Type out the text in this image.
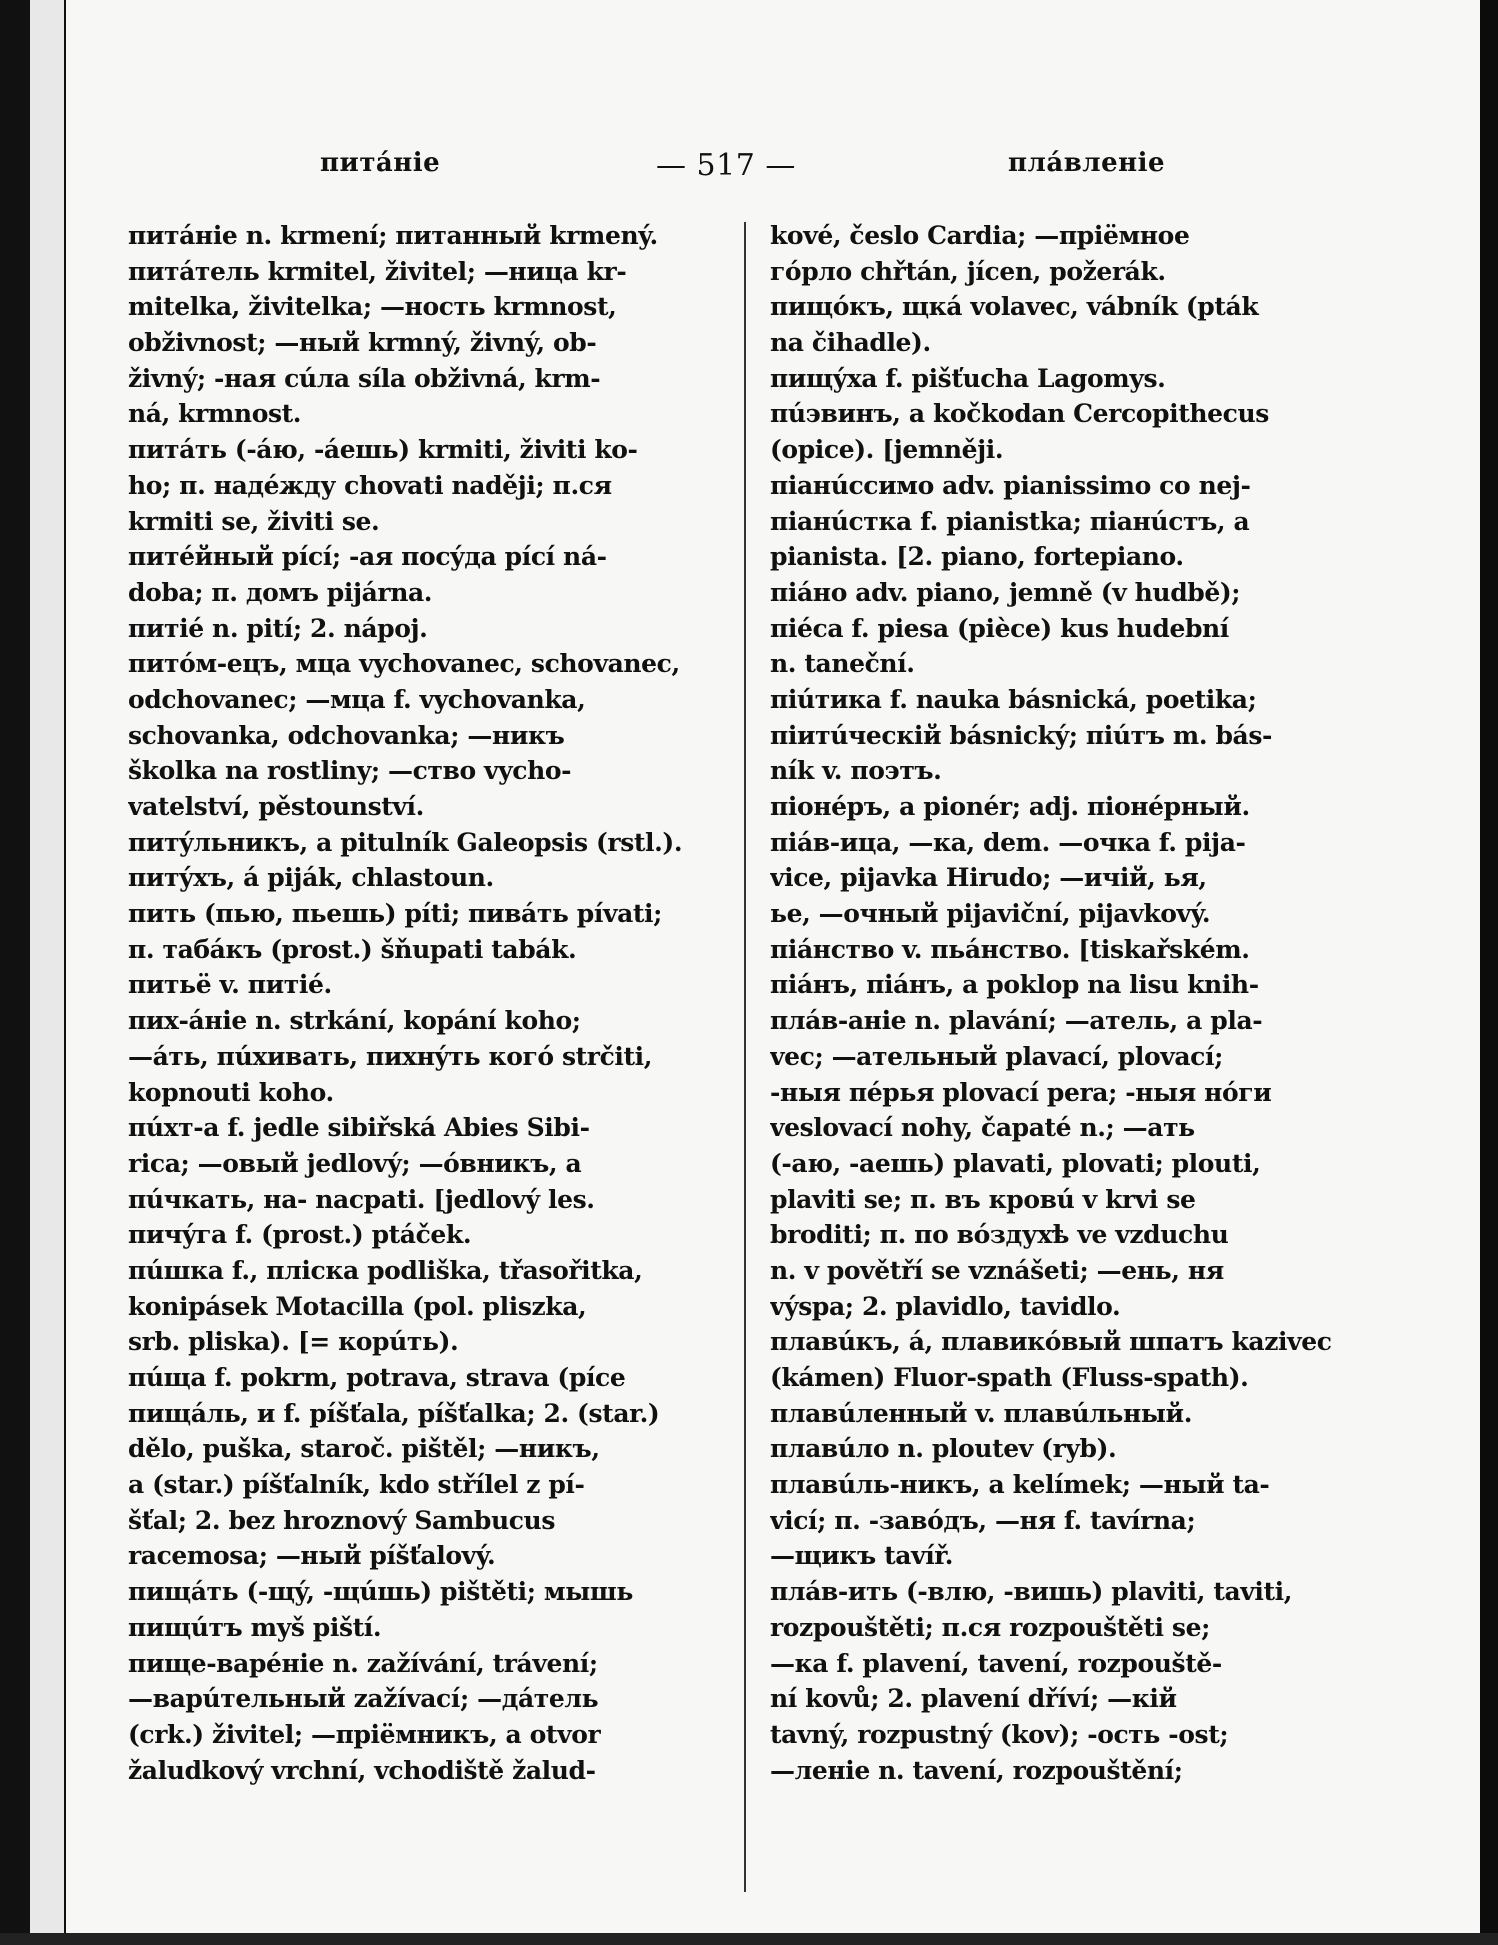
питáніе	— 517 —	плáвленіе
питáніе n. krmení; питанный krmený.
питáтель krmitel, živitel; —ница kr-
mitelka, živitelka; —ность krmnost,
obživnost; —ный krmný, živný, ob-
živný; -ная сúла síla obživná, krm-
ná, krmnost.
питáть (-áю, -áешь) krmiti, živiti ko-
ho; п. надéжду chovati naději; п.ся
krmiti se, živiti se.
питéйный pící; -ая посýда pící ná-
doba; п. домъ pijárna.
питіé n. pití; 2. nápoj.
питóм-ецъ, мца vychovanec, schovanec,
odchovanec; —мца f. vychovanka,
schovanka, odchovanka; —никъ
školka na rostliny; —ство vycho-
vatelství, pěstounství.
питýльникъ, a pitulník Galeopsis (rstl.).
питýхъ, á piják, chlastoun.
пить (пью, пьешь) píti; пивáть pívati;
п. табáкъ (prost.) šňupati tabák.
питьё v. питіé.
пих-áніе n. strkání, kopání koho;
—áть, пúхивать, пихнýть когó strčiti,
kopnouti koho.
пúхт-а f. jedle sibiřská Abies Sibi-
rica; —овый jedlový; —óвникъ, a
пúчкать, на- nacpati. [jedlový les.
пичýга f. (prost.) ptáček.
пúшка f., пліска podliška, třasořitka,
konipásek Motacilla (pol. pliszka,
srb. pliska). [= корúть).
пúща f. pokrm, potrava, strava (píce
пищáль, и f. píšťala, píšťalka; 2. (star.)
dělo, puška, staroč. pištěl; —никъ,
a (star.) píšťalník, kdo střílel z pí-
šťal; 2. bez hroznový Sambucus
racemosa; —ный píšťalový.
пищáть (-щý, -щúшь) pištěti; мышь
пищúтъ myš piští.
пище-варéніе n. zažívání, trávení;
—варúтельный zažívací; —дáтель
(crk.) živitel; —пріёмникъ, a otvor
žaludkový vrchní, vchodiště žalud-
kové, česlo Cardia; —пріёмное
гóрло chřtán, jícen, požerák.
пищóкъ, щкá volavec, vábník (pták
na čihadle).
пищýха f. pišťucha Lagomys.
пúэвинъ, a kočkodan Cercopithecus
(opice). [jemněji.
піанúссимо adv. pianissimo co nej-
піанúстка f. pianistka; піанúстъ, a
pianista. [2. piano, fortepiano.
піáно adv. piano, jemně (v hudbě);
піéса f. piesa (pièce) kus hudební
n. taneční.
піúтика f. nauka básnická, poetika;
піитúческій básnický; піúтъ m. bás-
ník v. поэтъ.
піонéръ, a pionér; adj. піонéрный.
піáв-ица, —ка, dem. —очка f. pija-
vice, pijavka Hirudo; —ичій, ья,
ье, —очный pijaviční, pijavkový.
піáнство v. пьáнство. [tiskařském.
піáнъ, піáнъ, a poklop na lisu knih-
плáв-аніе n. plavání; —атель, a pla-
vec; —ательный plavací, plovací;
-ныя пéрья plovací pera; -ныя нóги
veslovací nohy, čapaté n.; —ать
(-аю, -аешь) plavati, plovati; plouti,
plaviti se; п. въ кровú v krvi se
broditi; п. по вóздухѣ ve vzduchu
n. v povětří se vznášeti; —ень, ня
výspa; 2. plavidlo, tavidlo.
плавúкъ, á, плавикóвый шпатъ kazivec
(kámen) Fluor-spath (Fluss-spath).
плавúленный v. плавúльный.
плавúло n. ploutev (ryb).
плавúль-никъ, a kelímek; —ный ta-
vicí; п. -завóдъ, —ня f. tavírna;
—щикъ tavíř.
плáв-ить (-влю, -вишь) plaviti, taviti,
rozpouštěti; п.ся rozpouštěti se;
—ка f. plavení, tavení, rozpouště-
ní kovů; 2. plavení dříví; —кій
tavný, rozpustný (kov); -ость -ost;
—леніе n. tavení, rozpouštění;
